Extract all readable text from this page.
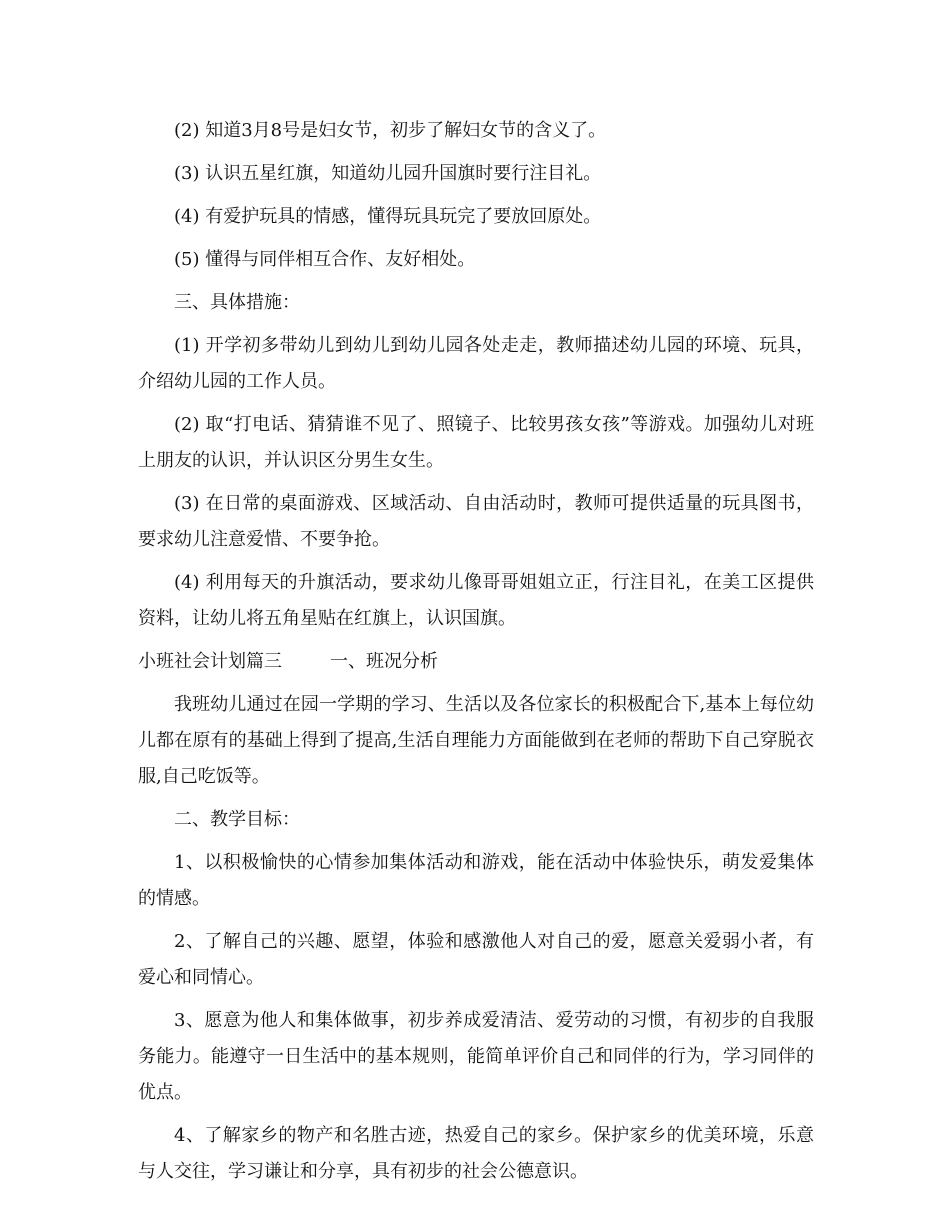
(2) 知道3月8号是妇女节，初步了解妇女节的含义了。

(3) 认识五星红旗，知道幼儿园升国旗时要行注目礼。

(4) 有爱护玩具的情感，懂得玩具玩完了要放回原处。

(5) 懂得与同伴相互合作、友好相处。

三、具体措施：

(1) 开学初多带幼儿到幼儿到幼儿园各处走走，教师描述幼儿园的环境、玩具，介绍幼儿园的工作人员。

(2) 取“打电话、猜猜谁不见了、照镜子、比较男孩女孩”等游戏。加强幼儿对班上朋友的认识，并认识区分男生女生。

(3) 在日常的桌面游戏、区域活动、自由活动时，教师可提供适量的玩具图书，要求幼儿注意爱惜、不要争抢。

(4) 利用每天的升旗活动，要求幼儿像哥哥姐姐立正，行注目礼，在美工区提供资料，让幼儿将五角星贴在红旗上，认识国旗。

小班社会计划篇三	一、班况分析

我班幼儿通过在园一学期的学习、生活以及各位家长的积极配合下,基本上每位幼儿都在原有的基础上得到了提高,生活自理能力方面能做到在老师的帮助下自己穿脱衣服,自己吃饭等。

二、教学目标：

1、以积极愉快的心情参加集体活动和游戏，能在活动中体验快乐，萌发爱集体的情感。

2、了解自己的兴趣、愿望，体验和感激他人对自己的爱，愿意关爱弱小者，有爱心和同情心。

3、愿意为他人和集体做事，初步养成爱清洁、爱劳动的习惯，有初步的自我服务能力。能遵守一日生活中的基本规则，能简单评价自己和同伴的行为，学习同伴的优点。

4、了解家乡的物产和名胜古迹，热爱自己的家乡。保护家乡的优美环境，乐意与人交往，学习谦让和分享，具有初步的社会公德意识。
